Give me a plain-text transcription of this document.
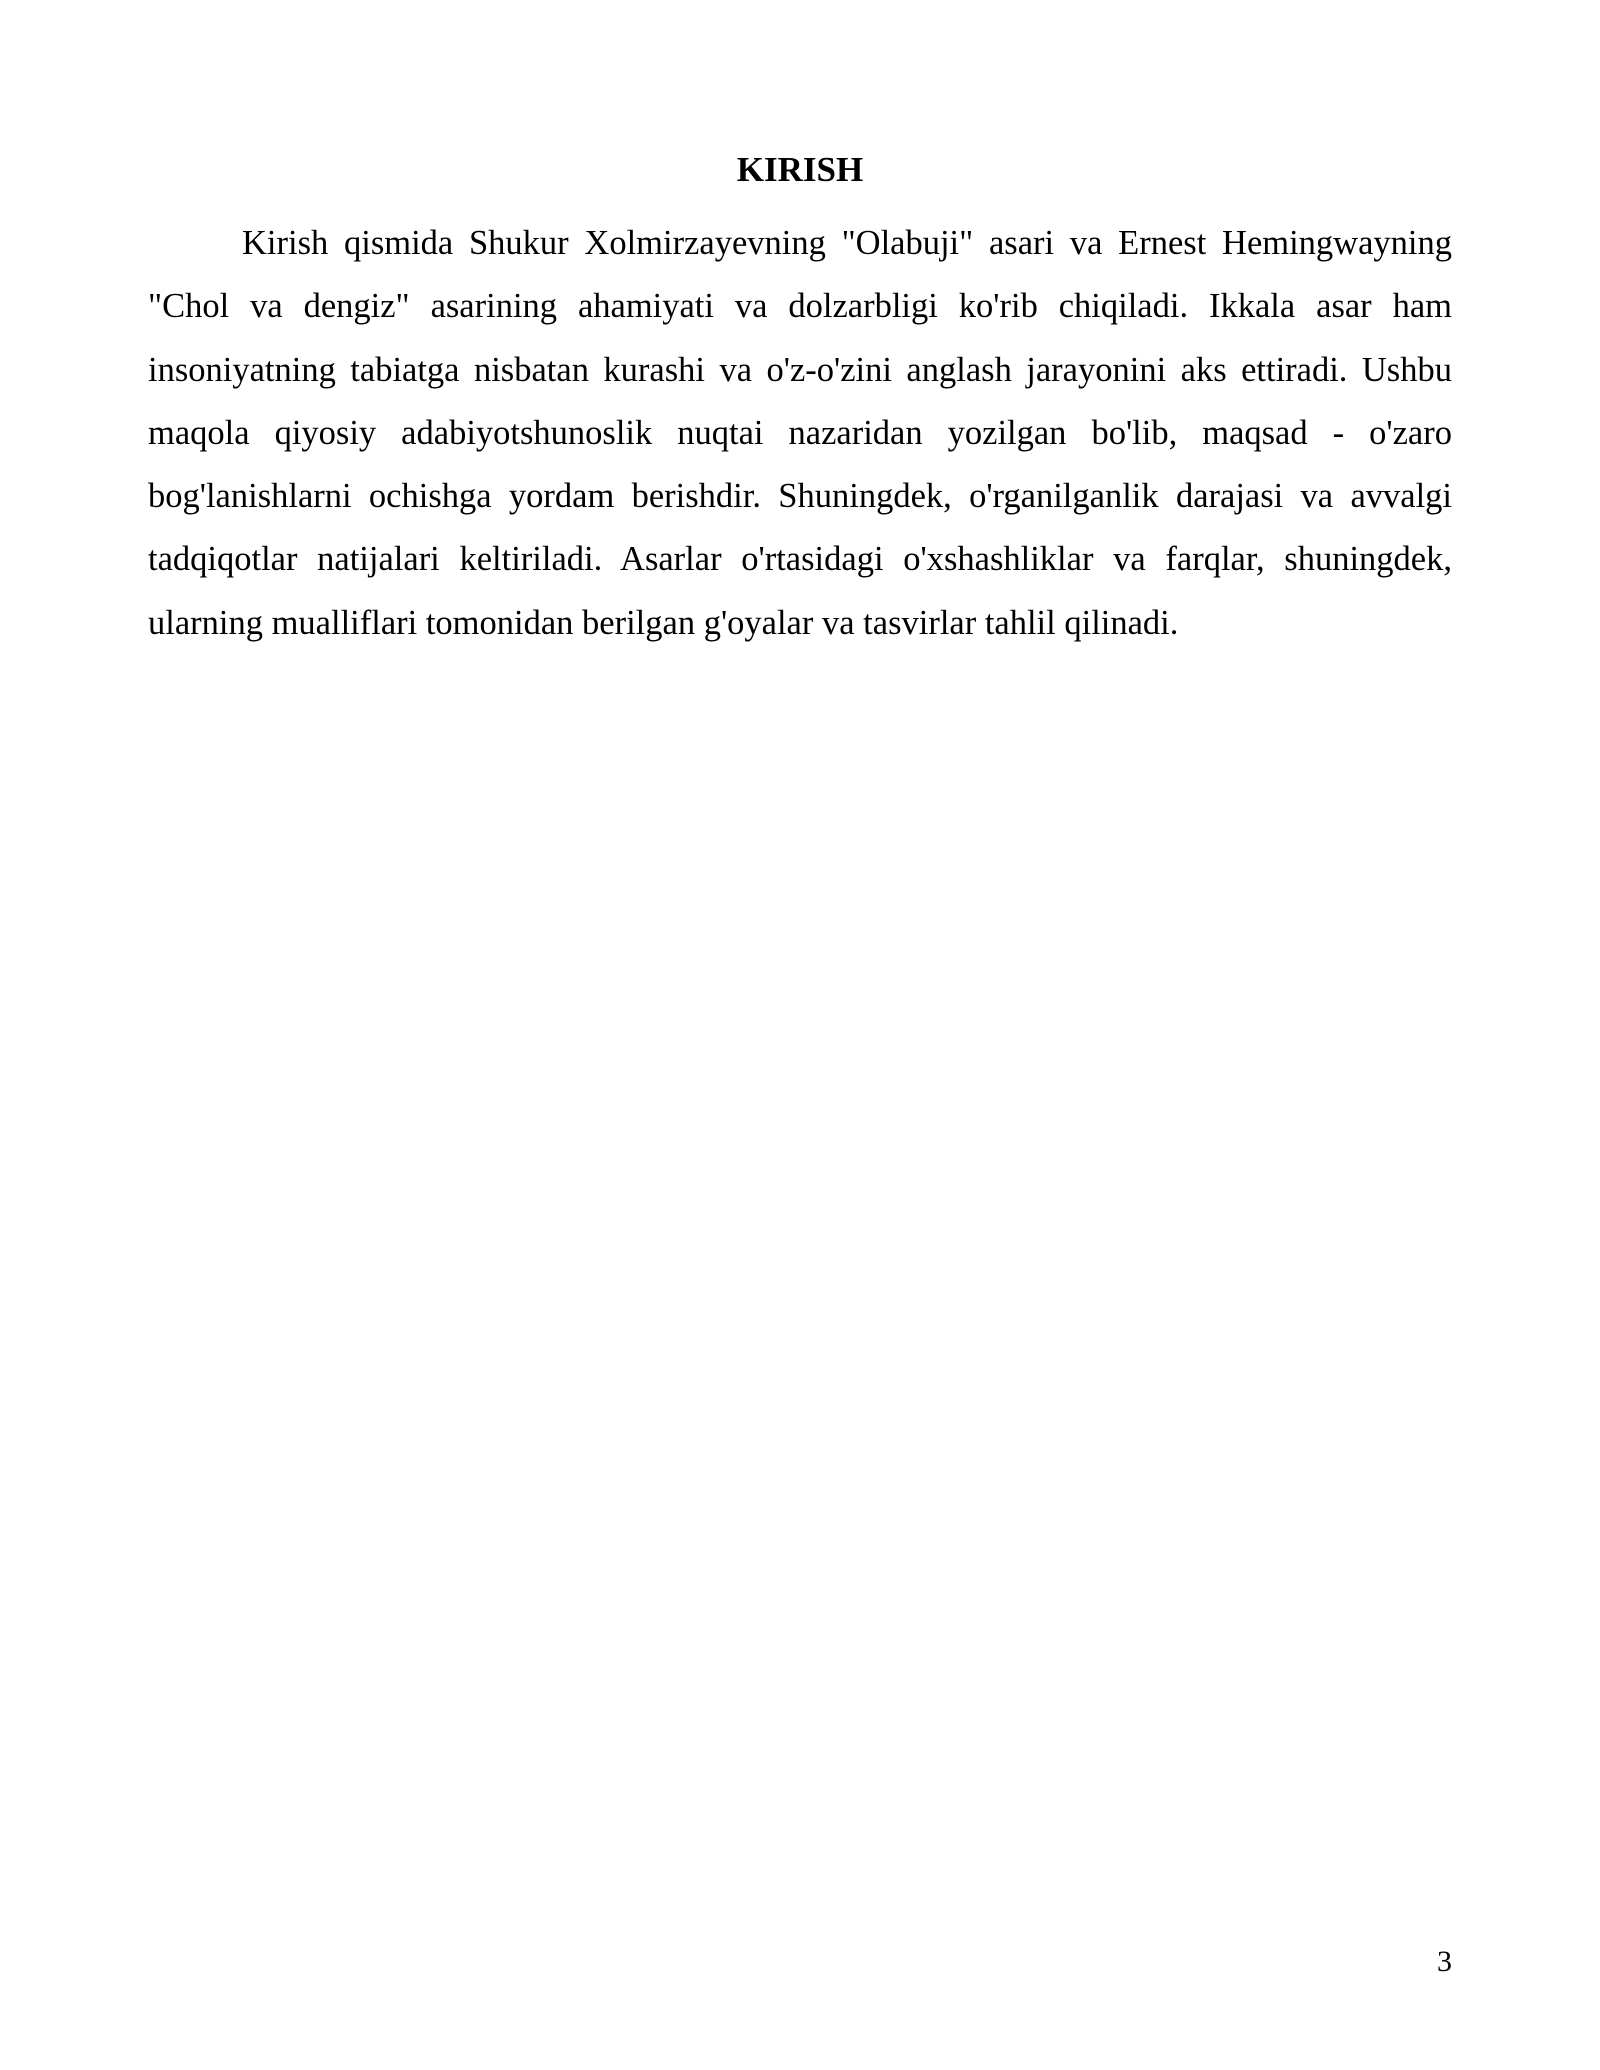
KIRISH

Kirish qismida Shukur Xolmirzayevning "Olabuji" asari va Ernest Hemingwayning "Chol va dengiz" asarining ahamiyati va dolzarbligi ko'rib chiqiladi. Ikkala asar ham insoniyatning tabiatga nisbatan kurashi va o'z-o'zini anglash jarayonini aks ettiradi. Ushbu maqola qiyosiy adabiyotshunoslik nuqtai nazaridan yozilgan bo'lib, maqsad - o'zaro bog'lanishlarni ochishga yordam berishdir. Shuningdek, o'rganilganlik darajasi va avvalgi tadqiqotlar natijalari keltiriladi. Asarlar o'rtasidagi o'xshashliklar va farqlar, shuningdek, ularning mualliflari tomonidan berilgan g'oyalar va tasvirlar tahlil qilinadi.

3
